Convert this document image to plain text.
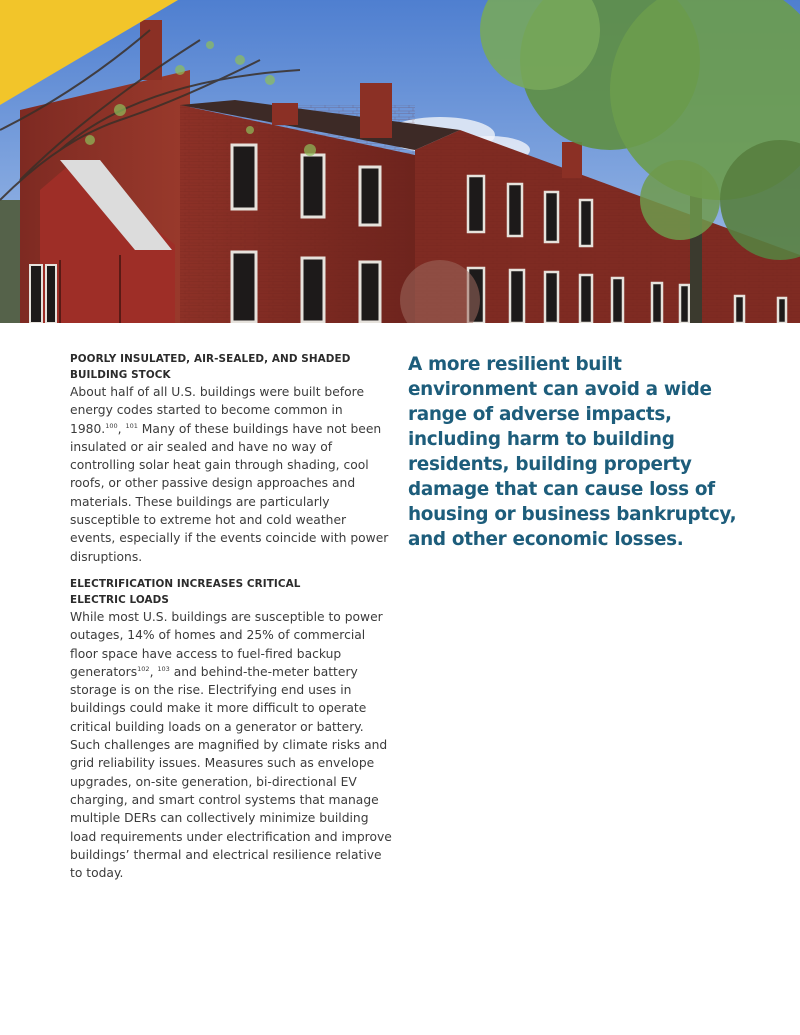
POORLY INSULATED, AIR-SEALED, AND SHADED
BUILDING STOCK

About half of all U.S. buildings were built before energy codes started to become common in 1980.$^{100}$, $^{101}$ Many of these buildings have not been insulated or air sealed and have no way of controlling solar heat gain through shading, cool roofs, or other passive design approaches and materials. These buildings are particularly susceptible to extreme hot and cold weather events, especially if the events coincide with power disruptions.

ELECTRIFICATION INCREASES CRITICAL
ELECTRIC LOADS

While most U.S. buildings are susceptible to power outages, 14% of homes and 25% of commercial floor space have access to fuel-fired backup generators$^{102}$, $^{103}$ and behind-the-meter battery storage is on the rise. Electrifying end uses in buildings could make it more difficult to operate critical building loads on a generator or battery. Such challenges are magnified by climate risks and grid reliability issues. Measures such as envelope upgrades, on-site generation, bi-directional EV charging, and smart control systems that manage multiple DERs can collectively minimize building load requirements under electrification and improve buildings’ thermal and electrical resilience relative to today.

A more resilient built environment can avoid a wide range of adverse impacts, including harm to building residents, building property damage that can cause loss of housing or business bankruptcy, and other economic losses.
